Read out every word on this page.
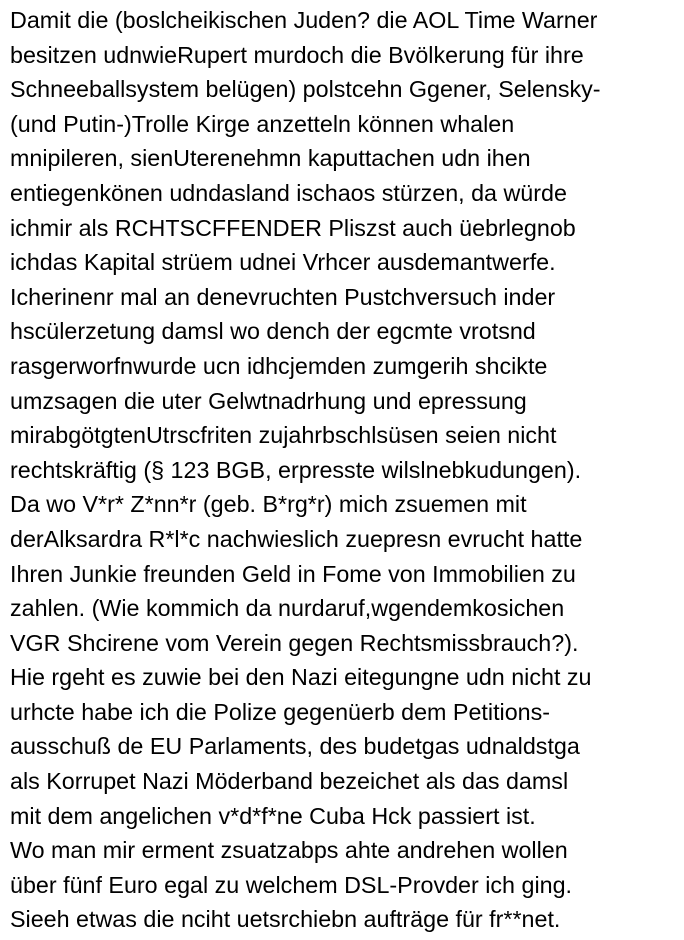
Damit die (boslcheikischen Juden? die AOL Time Warner
besitzen udnwieRupert murdoch die Bvölkerung für ihre
Schneeballsystem belügen) polstcehn Ggener, Selensky-
(und Putin-)Trolle Kirge anzetteln können whalen
mnipileren, sienUterenehmn kaputtachen udn ihen
entiegenkönen udndasland ischaos stürzen, da würde
ichmir als RCHTSCFFENDER Pliszst auch üebrlegnob
ichdas Kapital strüem udnei Vrhcer ausdemantwerfe.
Icherinenr mal an denevruchten Pustchversuch inder
hscülerzetung damsl wo dench der egcmte vrotsnd
rasgerworfnwurde ucn idhcjemden zumgerih shcikte
umzsagen die uter Gelwtnadrhung und epressung
mirabgötgtenUtrscfriten zujahrbschlsüsen seien nicht
rechtskräftig (§ 123 BGB, erpresste wilslnebkudungen).
Da wo V*r* Z*nn*r (geb. B*rg*r) mich zsuemen mit
derAlksardra R*l*c nachwieslich zuepresn evrucht hatte
Ihren Junkie freunden Geld in Fome von Immobilien zu
zahlen. (Wie kommich da nurdaruf,wgendemkosichen
VGR Shcirene vom Verein gegen Rechtsmissbrauch?).
Hie rgeht es zuwie bei den Nazi eitegungne udn nicht zu
urhcte habe ich die Polize gegenüerb dem Petitions-
ausschuß de EU Parlaments, des budetgas udnaldstga
als Korrupet Nazi Möderband bezeichet als das damsl
mit dem angelichen v*d*f*ne Cuba Hck passiert ist.
Wo man mir erment zsuatzabps ahte andrehen wollen
über fünf Euro egal zu welchem DSL-Provder ich ging.
Sieeh etwas die nciht uetsrchiebn aufträge für fr**net.
